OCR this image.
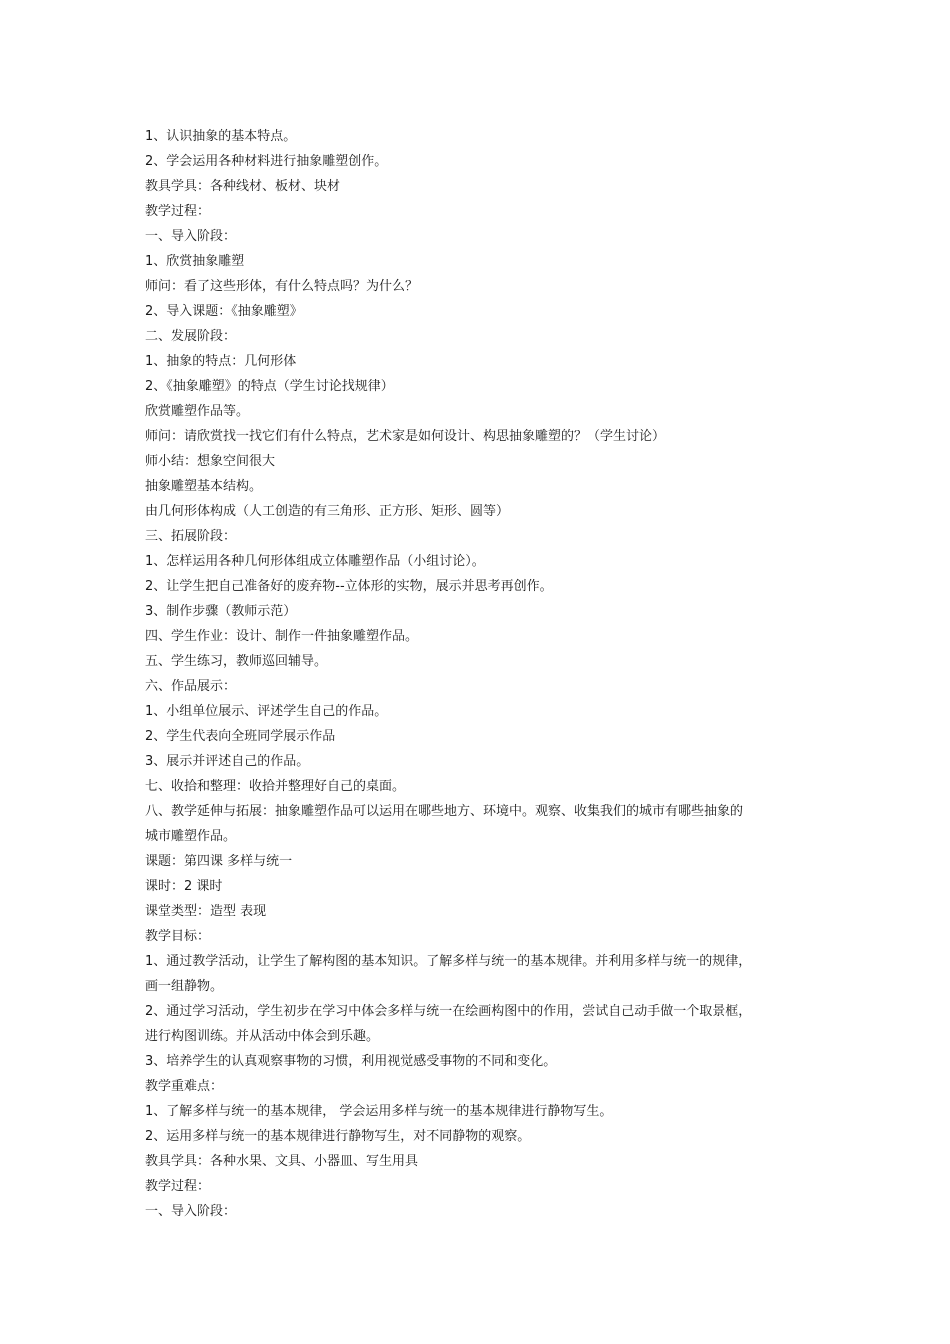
1、认识抽象的基本特点。

2、学会运用各种材料进行抽象雕塑创作。

教具学具：各种线材、板材、块材

教学过程：

一、导入阶段：

1、欣赏抽象雕塑

师问：看了这些形体，有什么特点吗？为什么？

2、导入课题：《抽象雕塑》

二、发展阶段：

1、抽象的特点：几何形体

2、《抽象雕塑》的特点（学生讨论找规律）

欣赏雕塑作品等。

师问：请欣赏找一找它们有什么特点，艺术家是如何设计、构思抽象雕塑的？（学生讨论）

师小结：想象空间很大

抽象雕塑基本结构。

由几何形体构成（人工创造的有三角形、正方形、矩形、圆等）

三、拓展阶段：

1、怎样运用各种几何形体组成立体雕塑作品（小组讨论）。

2、让学生把自己准备好的废弃物--立体形的实物，展示并思考再创作。

3、制作步骤（教师示范）

四、学生作业：设计、制作一件抽象雕塑作品。

五、学生练习，教师巡回辅导。

六、作品展示：

1、小组单位展示、评述学生自己的作品。

2、学生代表向全班同学展示作品

3、展示并评述自己的作品。

七、收拾和整理：收拾并整理好自己的桌面。

八、教学延伸与拓展：抽象雕塑作品可以运用在哪些地方、环境中。观察、收集我们的城市有哪些抽象的

城市雕塑作品。

课题：第四课 多样与统一

课时：2 课时

课堂类型：造型 表现

教学目标：

1、通过教学活动，让学生了解构图的基本知识。了解多样与统一的基本规律。并利用多样与统一的规律，

画一组静物。

2、通过学习活动，学生初步在学习中体会多样与统一在绘画构图中的作用，尝试自己动手做一个取景框，

进行构图训练。并从活动中体会到乐趣。

3、培养学生的认真观察事物的习惯，利用视觉感受事物的不同和变化。

教学重难点：

1、了解多样与统一的基本规律， 学会运用多样与统一的基本规律进行静物写生。

2、运用多样与统一的基本规律进行静物写生，对不同静物的观察。

教具学具：各种水果、文具、小器皿、写生用具

教学过程：

一、导入阶段：
